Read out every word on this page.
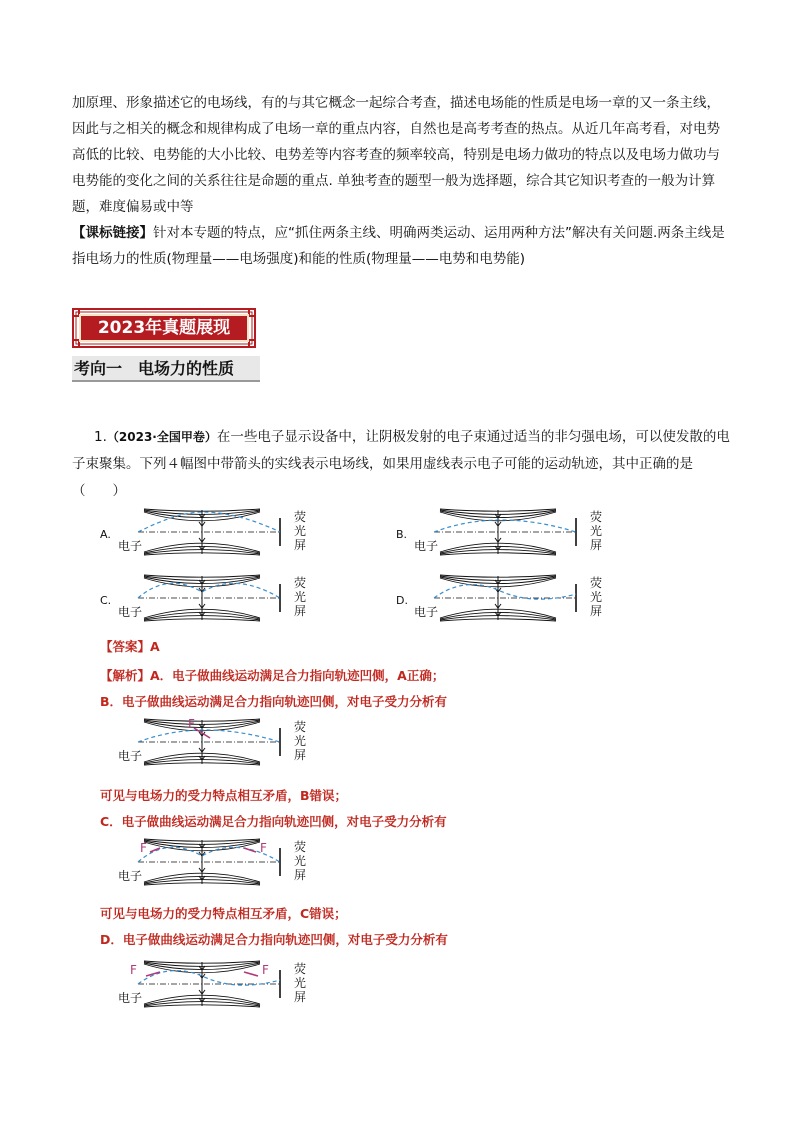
加原理、形象描述它的电场线，有的与其它概念一起综合考查，描述电场能的性质是电场一章的又一条主线，因此与之相关的概念和规律构成了电场一章的重点内容，自然也是高考考查的热点。从近几年高考看，对电势高低的比较、电势能的大小比较、电势差等内容考查的频率较高，特别是电场力做功的特点以及电场力做功与电势能的变化之间的关系往往是命题的重点. 单独考查的题型一般为选择题，综合其它知识考查的一般为计算题，难度偏易或中等
【课标链接】针对本专题的特点，应“抓住两条主线、明确两类运动、运用两种方法”解决有关问题.两条主线是指电场力的性质(物理量——电场强度)和能的性质(物理量——电势和电势能)
2023年真题展现
考向一 电场力的性质
1.（2023·全国甲卷）在一些电子显示设备中，让阴极发射的电子束通过适当的非匀强电场，可以使发散的电子束聚集。下列４幅图中带箭头的实线表示电场线，如果用虚线表示电子可能的运动轨迹，其中正确的是（　　）
A.
电子
荧
光
屏
B.
电子
荧
光
屏
C.
电子
荧
光
屏
D.
电子
荧
光
屏
【答案】A
【解析】A．电子做曲线运动满足合力指向轨迹凹侧，A正确；
B．电子做曲线运动满足合力指向轨迹凹侧，对电子受力分析有
电子
荧
光
屏
F
可见与电场力的受力特点相互矛盾，B错误；
C．电子做曲线运动满足合力指向轨迹凹侧，对电子受力分析有
电子
荧
光
屏
F	F
可见与电场力的受力特点相互矛盾，C错误；
D．电子做曲线运动满足合力指向轨迹凹侧，对电子受力分析有
电子
荧
光
屏
F	F
